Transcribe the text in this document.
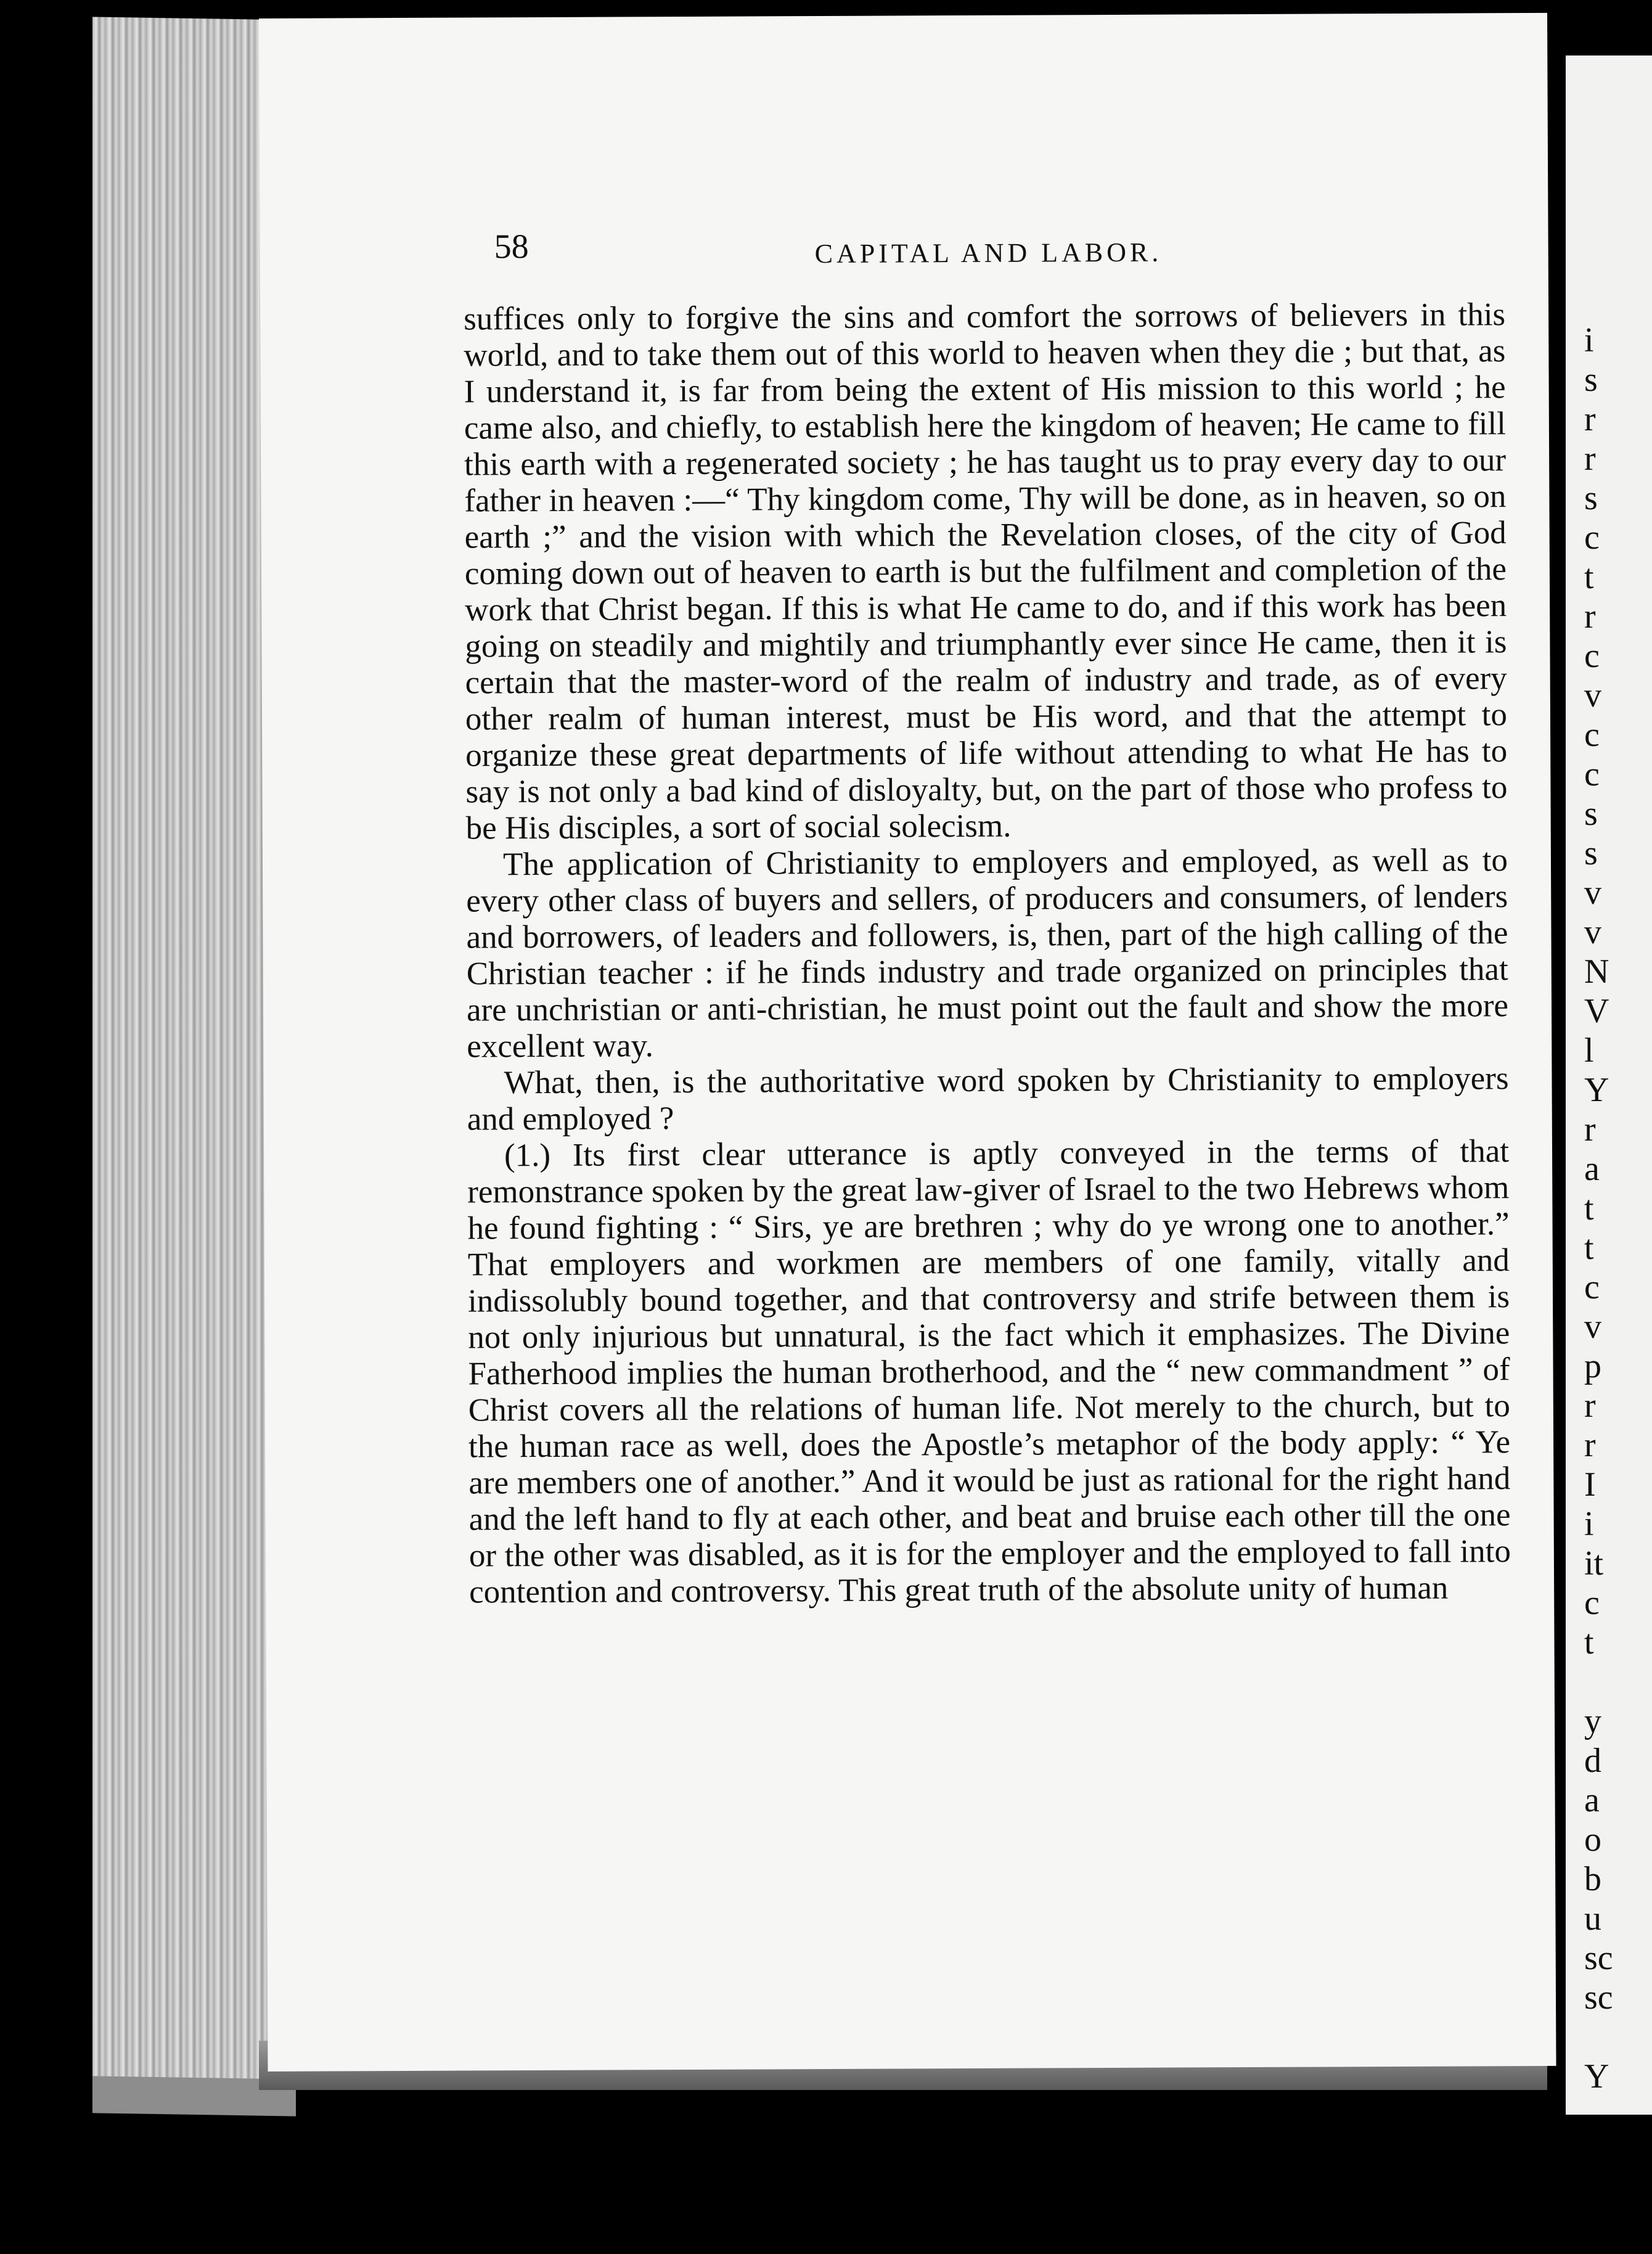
i
s
r
r
s
c
t
r
c
v
c
c
s
s
v
v
N
V
l
Y
r
a
t
t
c
v
p
r
r
I
i
it
c
t

y
d
a
o
b
u
sc
sc

Y
58	CAPITAL AND LABOR.

suffices only to forgive the sins and comfort the sorrows of believers in this world, and to take them out of this world to heaven when they die ; but that, as I understand it, is far from being the extent of His mission to this world ; he came also, and chiefly, to establish here the kingdom of heaven; He came to fill this earth with a regenerated society ; he has taught us to pray every day to our father in heaven :—“ Thy kingdom come, Thy will be done, as in heaven, so on earth ;” and the vision with which the Revelation closes, of the city of God coming down out of heaven to earth is but the fulfilment and completion of the work that Christ began. If this is what He came to do, and if this work has been going on steadily and mightily and triumphantly ever since He came, then it is certain that the master-word of the realm of industry and trade, as of every other realm of human interest, must be His word, and that the attempt to organize these great departments of life without attending to what He has to say is not only a bad kind of disloyalty, but, on the part of those who profess to be His disciples, a sort of social solecism.

The application of Christianity to employers and employed, as well as to every other class of buyers and sellers, of producers and consumers, of lenders and borrowers, of leaders and followers, is, then, part of the high calling of the Christian teacher : if he finds industry and trade organized on principles that are unchristian or anti-christian, he must point out the fault and show the more excellent way.

What, then, is the authoritative word spoken by Christianity to employers and employed ?

(1.) Its first clear utterance is aptly conveyed in the terms of that remonstrance spoken by the great law-giver of Israel to the two Hebrews whom he found fighting : “ Sirs, ye are brethren ; why do ye wrong one to another.” That employers and workmen are members of one family, vitally and indissolubly bound together, and that controversy and strife between them is not only injurious but unnatural, is the fact which it emphasizes. The Divine Fatherhood implies the human brotherhood, and the “ new commandment ” of Christ covers all the relations of human life. Not merely to the church, but to the human race as well, does the Apostle’s metaphor of the body apply: “ Ye are members one of another.” And it would be just as rational for the right hand and the left hand to fly at each other, and beat and bruise each other till the one or the other was disabled, as it is for the employer and the employed to fall into contention and controversy. This great truth of the absolute unity of human
